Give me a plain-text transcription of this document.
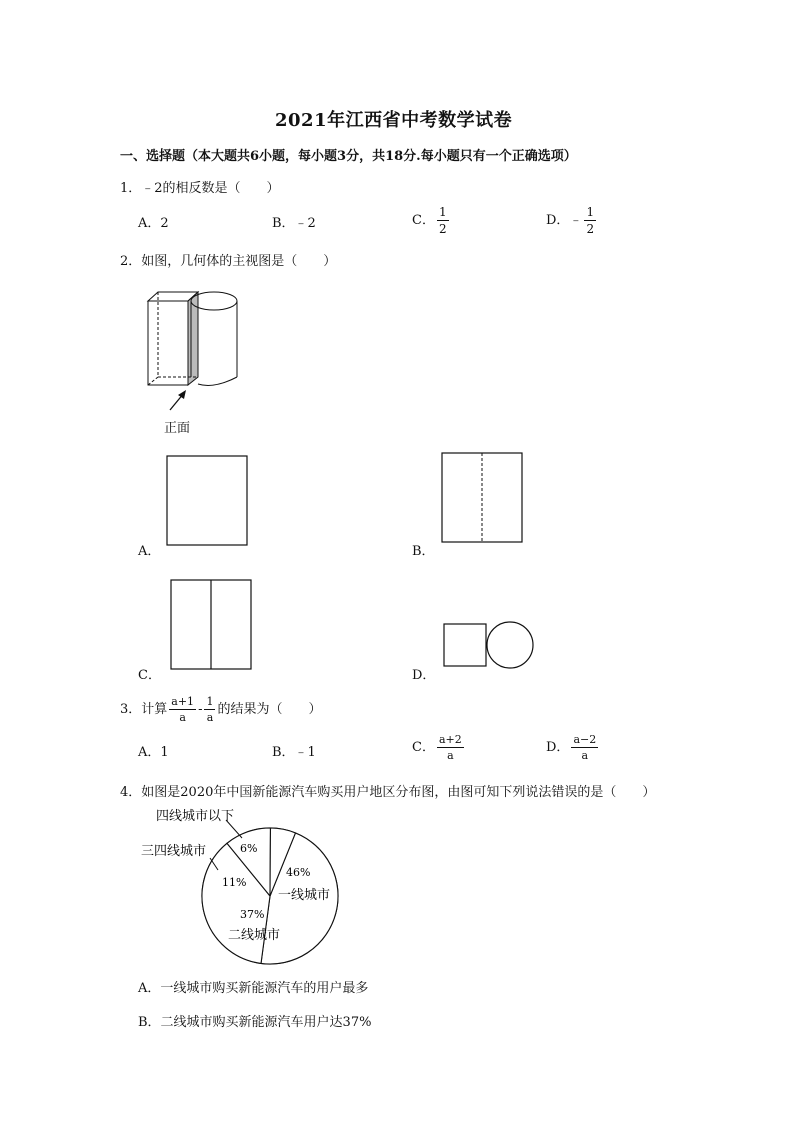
2021年江西省中考数学试卷
一、选择题（本大题共6小题，每小题3分，共18分.每小题只有一个正确选项）
1．﹣2的相反数是（　　）
A．2	B．﹣2	C． $\frac{1}{2}$	D．﹣ $\frac{1}{2}$
2．如图，几何体的主视图是（　　）
正面
A．	B．
C．	D．
3．计算 $\frac{a+1}{a} - \frac{1}{a}$ 的结果为（　　）
A．1	B．﹣1	C． $\frac{a+2}{a}$	D． $\frac{a-2}{a}$
4．如图是2020年中国新能源汽车购买用户地区分布图，由图可知下列说法错误的是（　　）
6%
11%
46%
一线城市
37%
二线城市
三四线城市
四线城市以下
A．一线城市购买新能源汽车的用户最多
B．二线城市购买新能源汽车用户达37%
